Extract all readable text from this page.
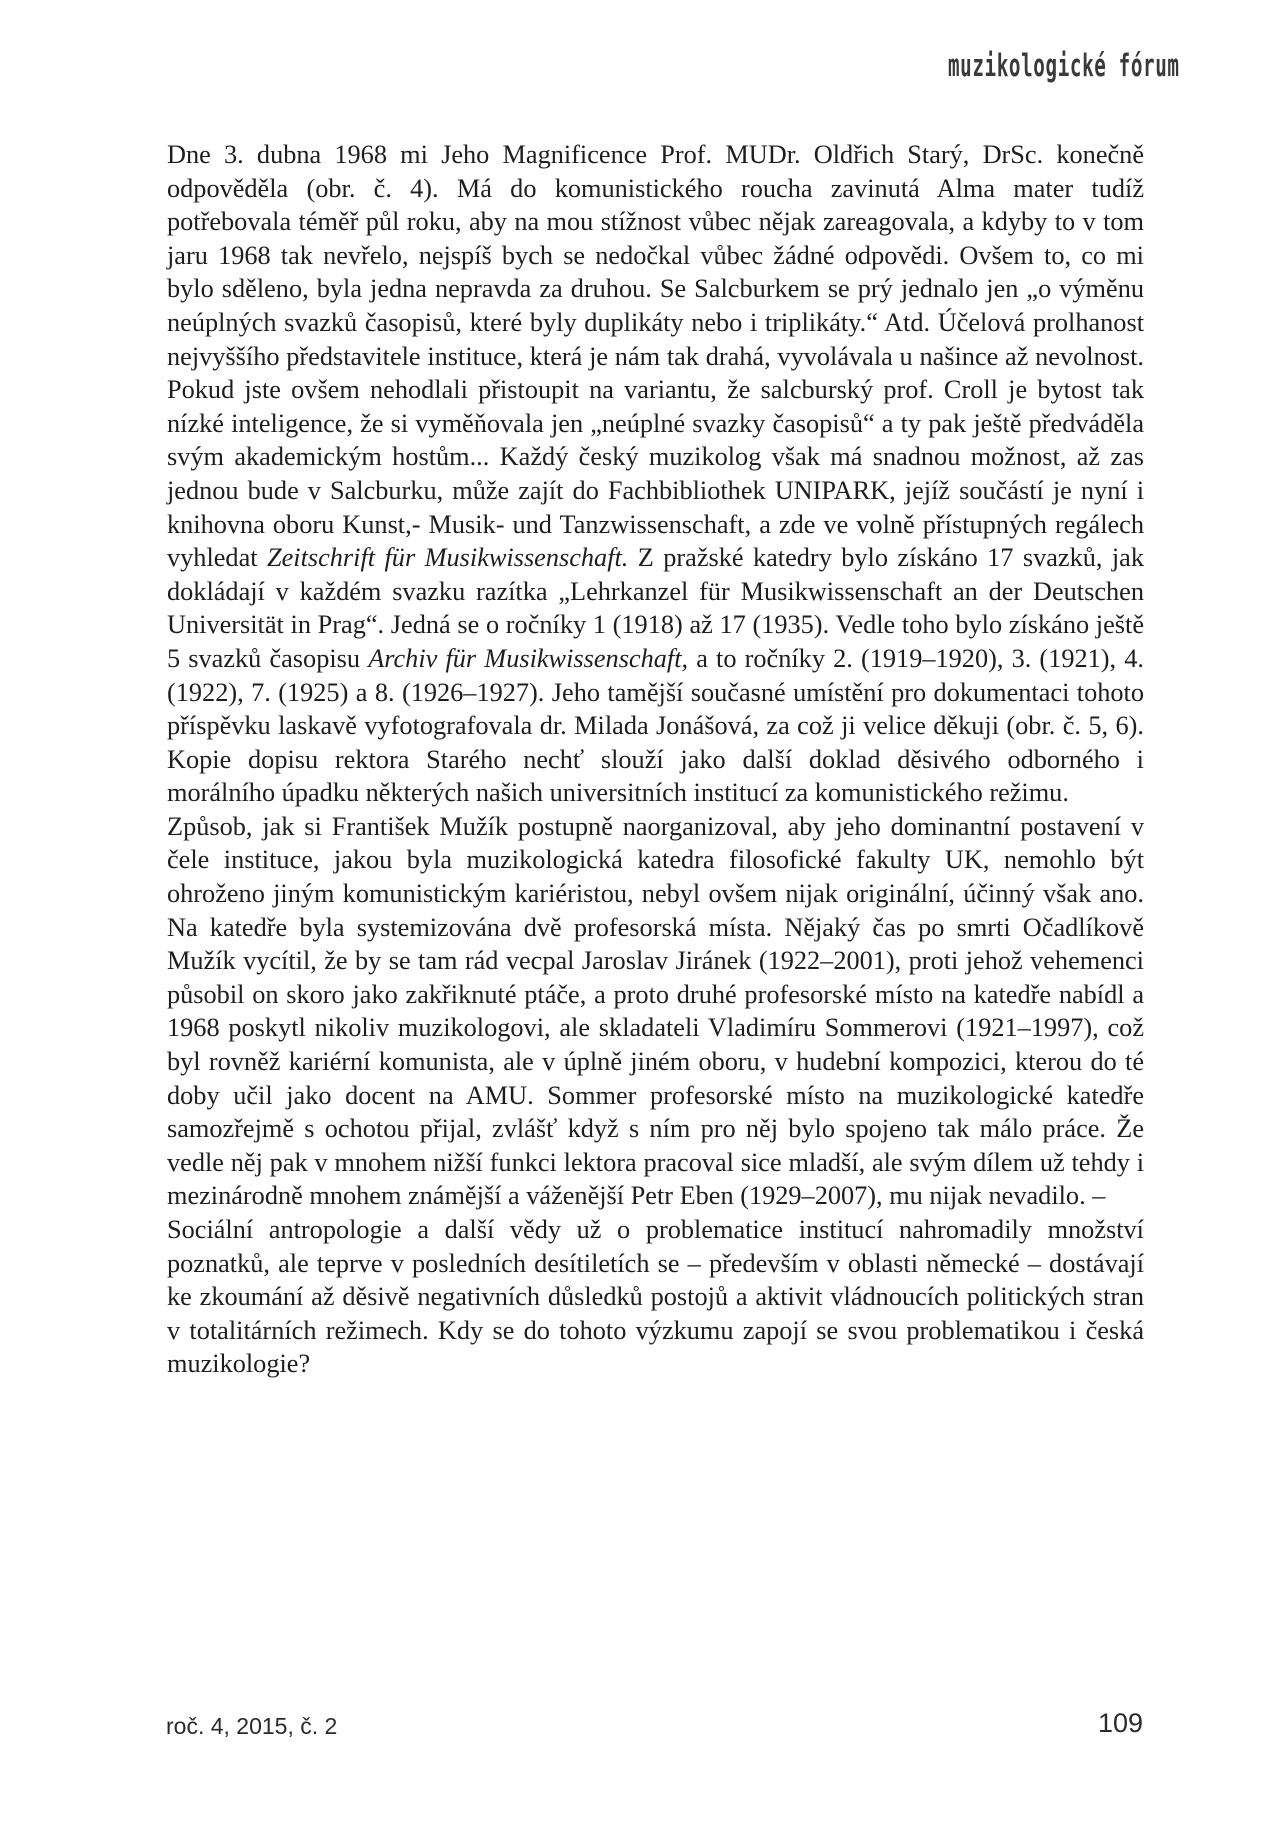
muzikologické fórum

Dne 3. dubna 1968 mi Jeho Magnificence Prof. MUDr. Oldřich Starý, DrSc. konečně odpověděla (obr. č. 4). Má do komunistického roucha zavinutá Alma mater tudíž potřebovala téměř půl roku, aby na mou stížnost vůbec nějak zareagovala, a kdyby to v tom jaru 1968 tak nevřelo, nejspíš bych se nedočkal vůbec žádné odpovědi. Ovšem to, co mi bylo sděleno, byla jedna nepravda za druhou. Se Salcburkem se prý jednalo jen „o výměnu neúplných svazků časopisů, které byly duplikáty nebo i triplikáty.“ Atd. Účelová prolhanost nejvyššího představitele instituce, která je nám tak drahá, vyvolávala u našince až nevolnost. Pokud jste ovšem nehodlali přistoupit na variantu, že salcburský prof. Croll je bytost tak nízké inteligence, že si vyměňovala jen „neúplné svazky časopisů“ a ty pak ještě předváděla svým akademickým hostům... Každý český muzikolog však má snadnou možnost, až zas jednou bude v Salcburku, může zajít do Fachbibliothek UNIPARK, jejíž součástí je nyní i knihovna oboru Kunst,- Musik- und Tanzwissenschaft, a zde ve volně přístupných regálech vyhledat Zeitschrift für Musikwissenschaft. Z pražské katedry bylo získáno 17 svazků, jak dokládají v každém svazku razítka „Lehrkanzel für Musikwissenschaft an der Deutschen Universität in Prag“. Jedná se o ročníky 1 (1918) až 17 (1935). Vedle toho bylo získáno ještě 5 svazků časopisu Archiv für Musikwissenschaft, a to ročníky 2. (1919–1920), 3. (1921), 4. (1922), 7. (1925) a 8. (1926–1927). Jeho tamější současné umístění pro dokumentaci tohoto příspěvku laskavě vyfotografovala dr. Milada Jonášová, za což ji velice děkuji (obr. č. 5, 6). Kopie dopisu rektora Starého nechť slouží jako další doklad děsivého odborného i morálního úpadku některých našich universitních institucí za komunistického režimu.

Způsob, jak si František Mužík postupně naorganizoval, aby jeho dominantní postavení v čele instituce, jakou byla muzikologická katedra filosofické fakulty UK, nemohlo být ohroženo jiným komunistickým kariéristou, nebyl ovšem nijak originální, účinný však ano. Na katedře byla systemizována dvě profesorská místa. Nějaký čas po smrti Očadlíkově Mužík vycítil, že by se tam rád vecpal Jaroslav Jiránek (1922–2001), proti jehož vehemenci působil on skoro jako zakřiknuté ptáče, a proto druhé profesorské místo na katedře nabídl a 1968 poskytl nikoliv muzikologovi, ale skladateli Vladimíru Sommerovi (1921–1997), což byl rovněž kariérní komunista, ale v úplně jiném oboru, v hudební kompozici, kterou do té doby učil jako docent na AMU. Sommer profesorské místo na muzikologické katedře samozřejmě s ochotou přijal, zvlášť když s ním pro něj bylo spojeno tak málo práce. Že vedle něj pak v mnohem nižší funkci lektora pracoval sice mladší, ale svým dílem už tehdy i mezinárodně mnohem známější a váženější Petr Eben (1929–2007), mu nijak nevadilo. –

Sociální antropologie a další vědy už o problematice institucí nahromadily množství poznatků, ale teprve v posledních desítiletích se – především v oblasti německé – dostávají ke zkoumání až děsivě negativních důsledků postojů a aktivit vládnoucích politických stran v totalitárních režimech. Kdy se do tohoto výzkumu zapojí se svou problematikou i česká muzikologie?

roč. 4, 2015, č. 2	109
